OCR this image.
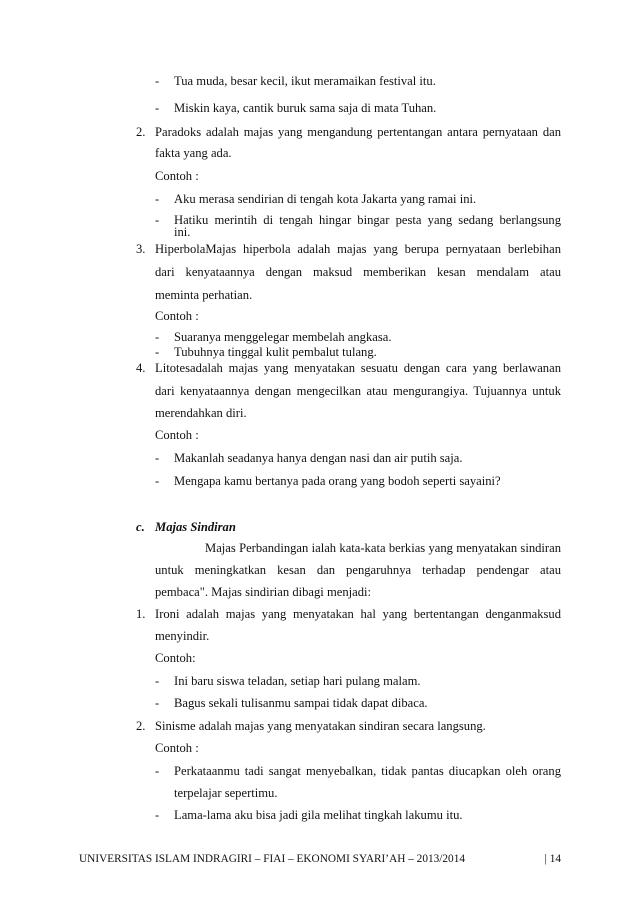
- Tua muda, besar kecil, ikut meramaikan festival itu.
- Miskin kaya, cantik buruk sama saja di mata Tuhan.
2. Paradoks adalah majas yang mengandung pertentangan antara pernyataan dan
fakta yang ada.
Contoh :
- Aku merasa sendirian di tengah kota Jakarta yang ramai ini.
- Hatiku merintih di tengah hingar bingar pesta yang sedang berlangsung
ini.
3. HiperbolaMajas hiperbola adalah majas yang berupa pernyataan berlebihan
dari kenyataannya dengan maksud memberikan kesan mendalam atau
meminta perhatian.
Contoh :
- Suaranya menggelegar membelah angkasa.
- Tubuhnya tinggal kulit pembalut tulang.
4. Litotesadalah majas yang menyatakan sesuatu dengan cara yang berlawanan
dari kenyataannya dengan mengecilkan atau mengurangiya. Tujuannya untuk
merendahkan diri.
Contoh :
- Makanlah seadanya hanya dengan nasi dan air putih saja.
- Mengapa kamu bertanya pada orang yang bodoh seperti sayaini?
c. Majas Sindiran
Majas Perbandingan ialah kata-kata berkias yang menyatakan sindiran
untuk meningkatkan kesan dan pengaruhnya terhadap pendengar atau
pembaca". Majas sindirian dibagi menjadi:
1. Ironi adalah majas yang menyatakan hal yang bertentangan denganmaksud
menyindir.
Contoh:
- Ini baru siswa teladan, setiap hari pulang malam.
- Bagus sekali tulisanmu sampai tidak dapat dibaca.
2. Sinisme adalah majas yang menyatakan sindiran secara langsung.
Contoh :
- Perkataanmu tadi sangat menyebalkan, tidak pantas diucapkan oleh orang
terpelajar sepertimu.
- Lama-lama aku bisa jadi gila melihat tingkah lakumu itu.
UNIVERSITAS ISLAM INDRAGIRI – FIAI – EKONOMI SYARI’AH – 2013/2014	| 14
